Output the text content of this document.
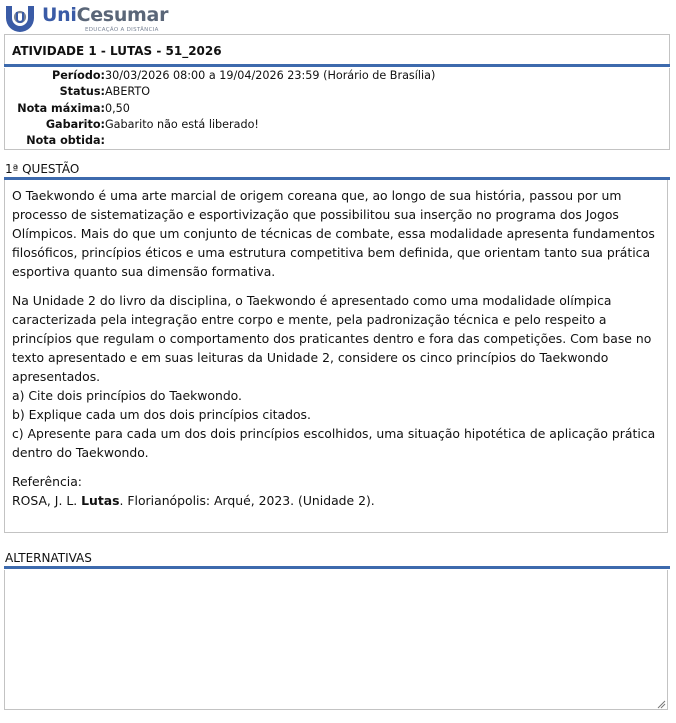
UniCesumar
EDUCAÇÃO A DISTÂNCIA
ATIVIDADE 1 - LUTAS - 51_2026
Período: 30/03/2026 08:00 a 19/04/2026 23:59 (Horário de Brasília)
Status: ABERTO
Nota máxima: 0,50
Gabarito: Gabarito não está liberado!
Nota obtida:
1ª QUESTÃO

O Taekwondo é uma arte marcial de origem coreana que, ao longo de sua história, passou por um processo de sistematização e esportivização que possibilitou sua inserção no programa dos Jogos Olímpicos. Mais do que um conjunto de técnicas de combate, essa modalidade apresenta fundamentos filosóficos, princípios éticos e uma estrutura competitiva bem definida, que orientam tanto sua prática esportiva quanto sua dimensão formativa.

Na Unidade 2 do livro da disciplina, o Taekwondo é apresentado como uma modalidade olímpica caracterizada pela integração entre corpo e mente, pela padronização técnica e pelo respeito a princípios que regulam o comportamento dos praticantes dentro e fora das competições. Com base no texto apresentado e em suas leituras da Unidade 2, considere os cinco princípios do Taekwondo apresentados.
a) Cite dois princípios do Taekwondo.
b) Explique cada um dos dois princípios citados.
c) Apresente para cada um dos dois princípios escolhidos, uma situação hipotética de aplicação prática dentro do Taekwondo.

Referência:
ROSA, J. L. Lutas. Florianópolis: Arqué, 2023. (Unidade 2).

ALTERNATIVAS
